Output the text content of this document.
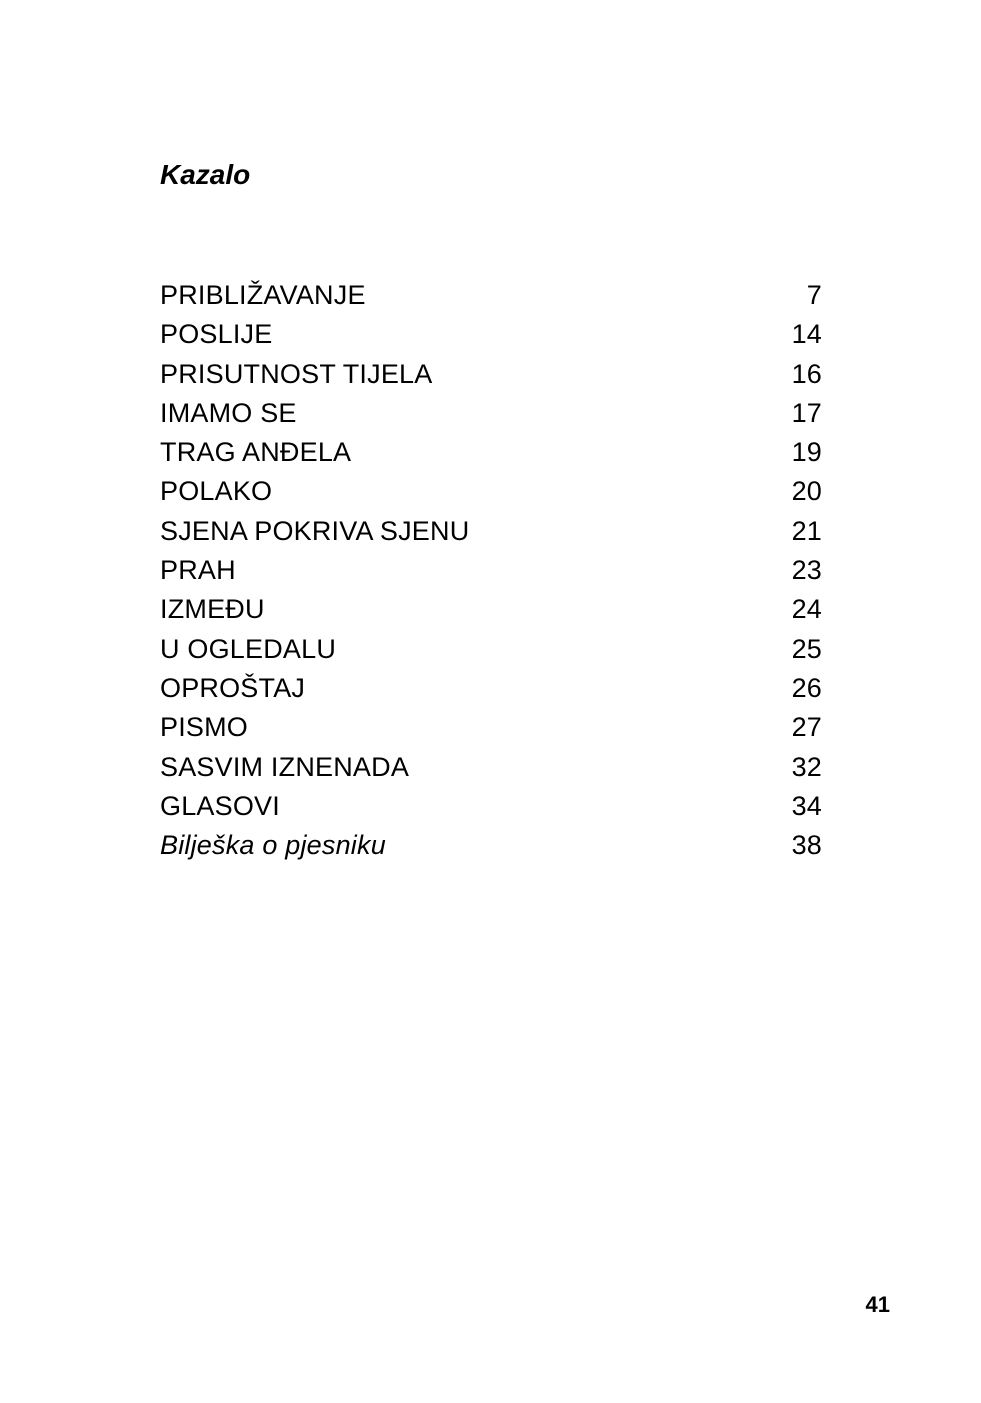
Kazalo
PRIBLIŽAVANJE	7
POSLIJE	14
PRISUTNOST TIJELA	16
IMAMO SE	17
TRAG ANĐELA	19
POLAKO	20
SJENA POKRIVA SJENU	21
PRAH	23
IZMEĐU	24
U OGLEDALU	25
OPROŠTAJ	26
PISMO	27
SASVIM IZNENADA	32
GLASOVI	34
Bilješka o pjesniku	38
41
